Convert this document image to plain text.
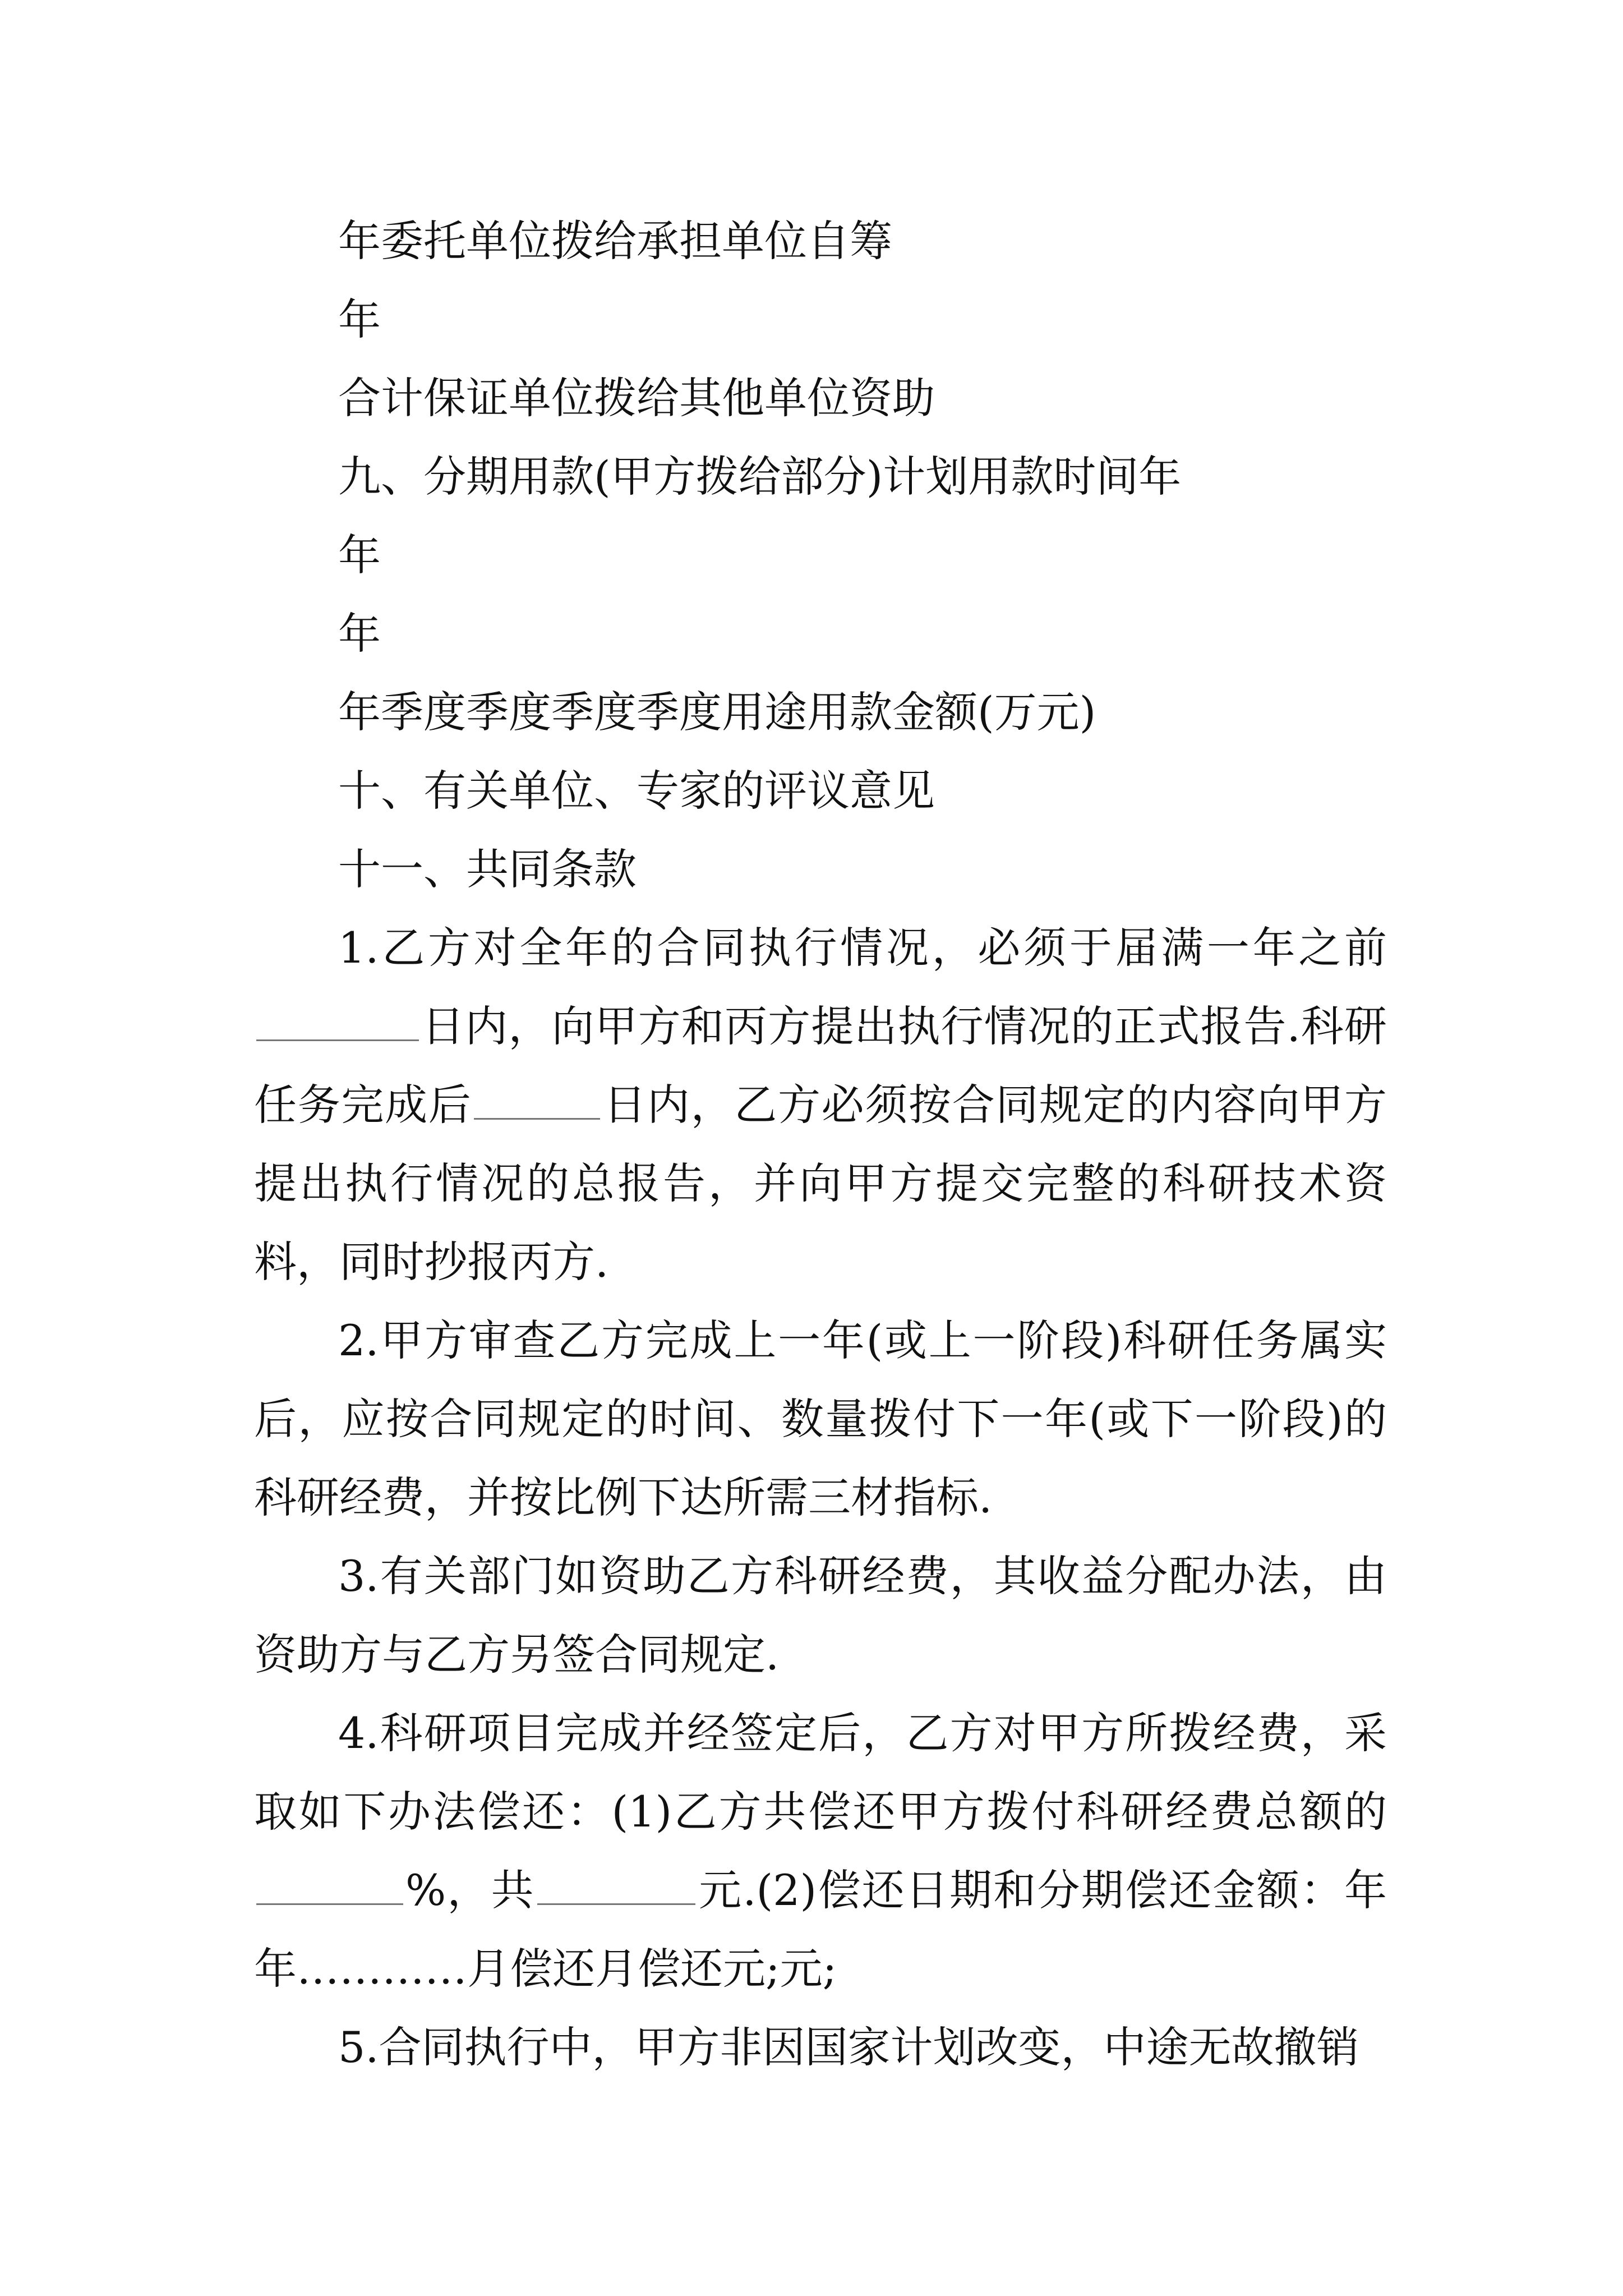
年委托单位拨给承担单位自筹
年
合计保证单位拨给其他单位资助
九、分期用款(甲方拨给部分)计划用款时间年
年
年
年季度季度季度季度用途用款金额(万元)
十、有关单位、专家的评议意见
十一、共同条款

1.乙方对全年的合同执行情况，必须于届满一年之前日内，向甲方和丙方提出执行情况的正式报告.科研任务完成后	日内，乙方必须按合同规定的内容向甲方提出执行情况的总报告，并向甲方提交完整的科研技术资料，同时抄报丙方.

2.甲方审查乙方完成上一年(或上一阶段)科研任务属实后，应按合同规定的时间、数量拨付下一年(或下一阶段)的科研经费，并按比例下达所需三材指标.

3.有关部门如资助乙方科研经费，其收益分配办法，由资助方与乙方另签合同规定.

4.科研项目完成并经签定后，乙方对甲方所拨经费，采取如下办法偿还：(1)乙方共偿还甲方拨付科研经费总额的%，共	元.(2)偿还日期和分期偿还金额：年年…………月偿还月偿还元;元;

5.合同执行中，甲方非因国家计划改变，中途无故撤销
